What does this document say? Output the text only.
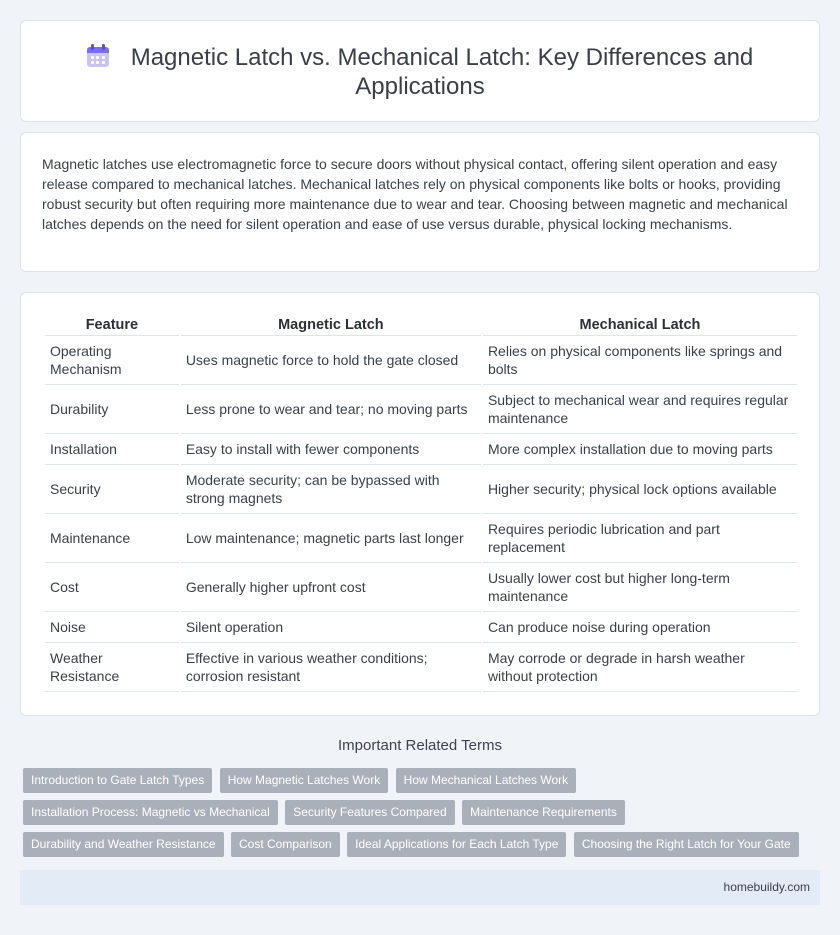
Magnetic Latch vs. Mechanical Latch: Key Differences and Applications

Magnetic latches use electromagnetic force to secure doors without physical contact, offering silent operation and easy release compared to mechanical latches. Mechanical latches rely on physical components like bolts or hooks, providing robust security but often requiring more maintenance due to wear and tear. Choosing between magnetic and mechanical latches depends on the need for silent operation and ease of use versus durable, physical locking mechanisms.

Feature	Magnetic Latch	Mechanical Latch
Operating Mechanism	Uses magnetic force to hold the gate closed	Relies on physical components like springs and bolts
Durability	Less prone to wear and tear; no moving parts	Subject to mechanical wear and requires regular maintenance
Installation	Easy to install with fewer components	More complex installation due to moving parts
Security	Moderate security; can be bypassed with strong magnets	Higher security; physical lock options available
Maintenance	Low maintenance; magnetic parts last longer	Requires periodic lubrication and part replacement
Cost	Generally higher upfront cost	Usually lower cost but higher long-term maintenance
Noise	Silent operation	Can produce noise during operation
Weather Resistance	Effective in various weather conditions; corrosion resistant	May corrode or degrade in harsh weather without protection
Important Related Terms
Introduction to Gate Latch Types How Magnetic Latches Work How Mechanical Latches Work
Installation Process: Magnetic vs Mechanical Security Features Compared Maintenance Requirements
Durability and Weather Resistance Cost Comparison Ideal Applications for Each Latch Type Choosing the Right Latch for Your Gate
homebuildy.com
